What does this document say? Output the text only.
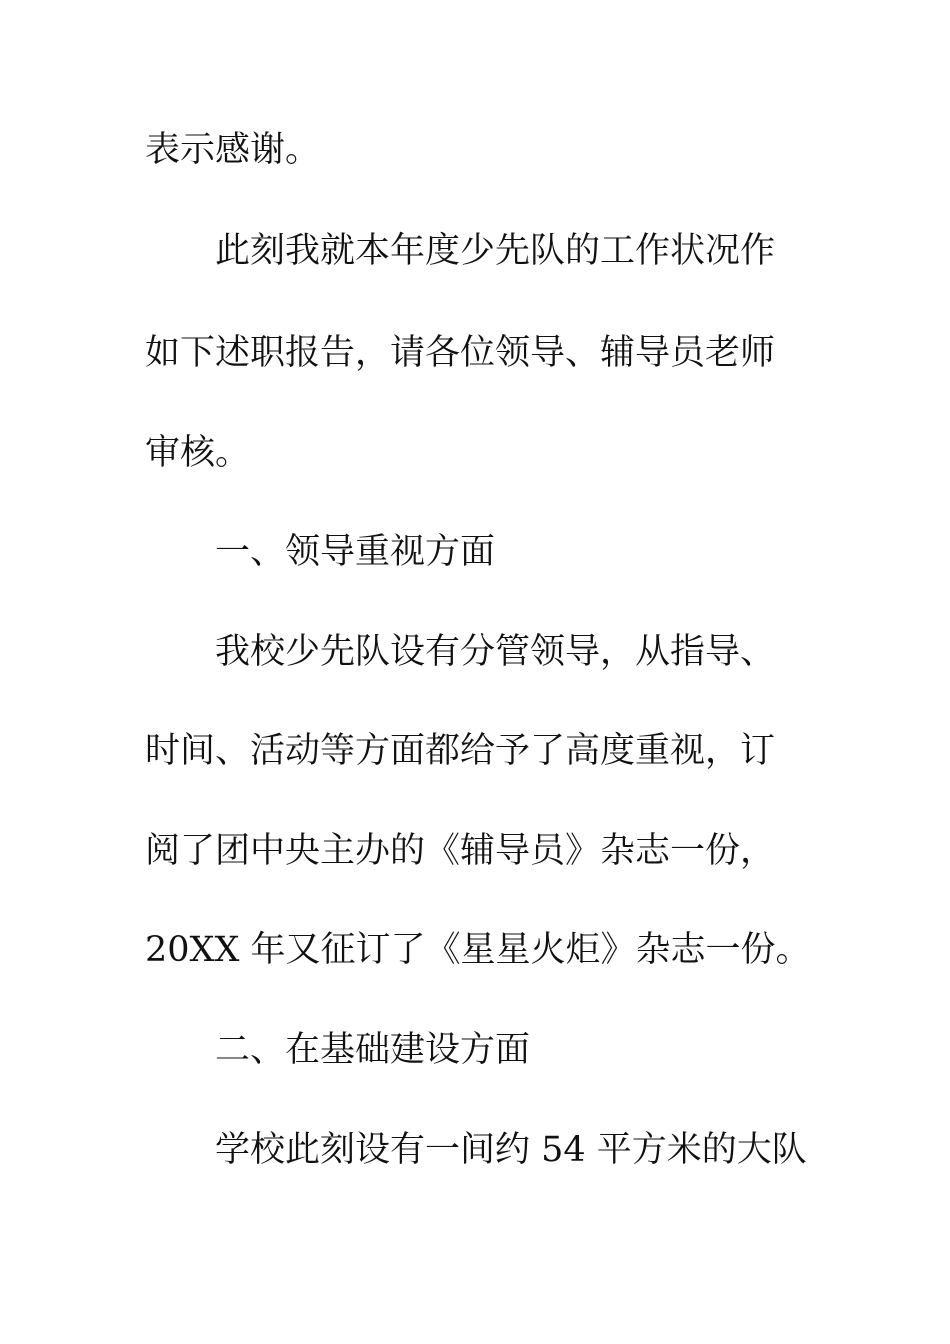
表示感谢。

此刻我就本年度少先队的工作状况作

如下述职报告，请各位领导、辅导员老师

审核。

一、领导重视方面

我校少先队设有分管领导，从指导、

时间、活动等方面都给予了高度重视，订

阅了团中央主办的《辅导员》杂志一份，

20XX 年又征订了《星星火炬》杂志一份。

二、在基础建设方面

学校此刻设有一间约 54 平方米的大队
